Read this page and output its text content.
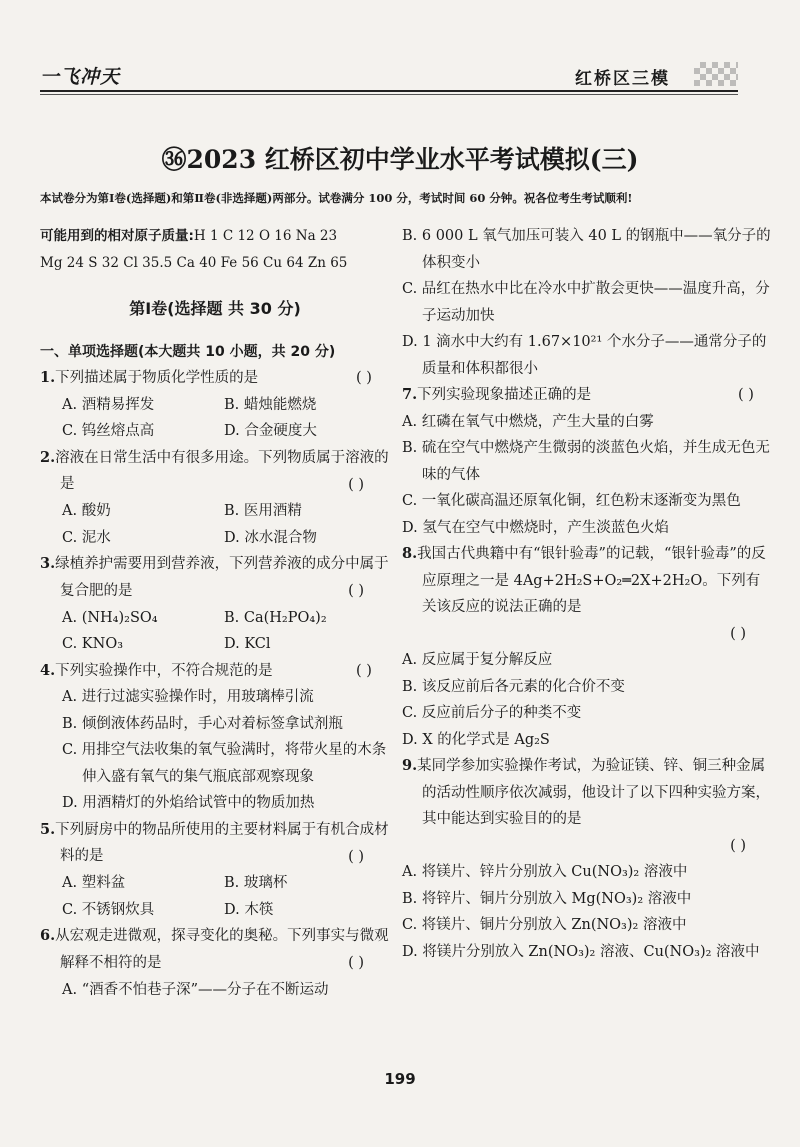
一飞冲天	红桥区三模
㊱2023 红桥区初中学业水平考试模拟(三)
本试卷分为第Ⅰ卷(选择题)和第Ⅱ卷(非选择题)两部分。试卷满分 100 分，考试时间 60 分钟。祝各位考生考试顺利!
可能用到的相对原子质量:H 1 C 12 O 16 Na 23
Mg 24 S 32 Cl 35.5 Ca 40 Fe 56 Cu 64 Zn 65
第Ⅰ卷(选择题 共 30 分)
一、单项选择题(本大题共 10 小题，共 20 分)
1.下列描述属于物质化学性质的是	( )
A. 酒精易挥发	B. 蜡烛能燃烧
C. 钨丝熔点高	D. 合金硬度大
2.溶液在日常生活中有很多用途。下列物质属于溶液的是	( )
A. 酸奶	B. 医用酒精
C. 泥水	D. 冰水混合物
3.绿植养护需要用到营养液，下列营养液的成分中属于复合肥的是	( )
A. (NH₄)₂SO₄	B. Ca(H₂PO₄)₂
C. KNO₃	D. KCl
4.下列实验操作中，不符合规范的是	( )
A. 进行过滤实验操作时，用玻璃棒引流
B. 倾倒液体药品时，手心对着标签拿试剂瓶
C. 用排空气法收集的氧气验满时，将带火星的木条伸入盛有氧气的集气瓶底部观察现象
D. 用酒精灯的外焰给试管中的物质加热
5.下列厨房中的物品所使用的主要材料属于有机合成材料的是	( )
A. 塑料盆	B. 玻璃杯
C. 不锈钢炊具	D. 木筷
6.从宏观走进微观，探寻变化的奥秘。下列事实与微观解释不相符的是	( )
A. “酒香不怕巷子深”——分子在不断运动
B. 6 000 L 氧气加压可装入 40 L 的钢瓶中——氧分子的体积变小
C. 品红在热水中比在冷水中扩散会更快——温度升高，分子运动加快
D. 1 滴水中大约有 1.67×10²¹ 个水分子——通常分子的质量和体积都很小
7.下列实验现象描述正确的是	( )
A. 红磷在氧气中燃烧，产生大量的白雾
B. 硫在空气中燃烧产生微弱的淡蓝色火焰，并生成无色无味的气体
C. 一氧化碳高温还原氧化铜，红色粉末逐渐变为黑色
D. 氢气在空气中燃烧时，产生淡蓝色火焰
8.我国古代典籍中有“银针验毒”的记载，“银针验毒”的反应原理之一是 4Ag+2H₂S+O₂═2X+2H₂O。下列有关该反应的说法正确的是
( )
A. 反应属于复分解反应
B. 该反应前后各元素的化合价不变
C. 反应前后分子的种类不变
D. X 的化学式是 Ag₂S
9.某同学参加实验操作考试，为验证镁、锌、铜三种金属的活动性顺序依次减弱，他设计了以下四种实验方案，其中能达到实验目的的是
( )
A. 将镁片、锌片分别放入 Cu(NO₃)₂ 溶液中
B. 将锌片、铜片分别放入 Mg(NO₃)₂ 溶液中
C. 将镁片、铜片分别放入 Zn(NO₃)₂ 溶液中
D. 将镁片分别放入 Zn(NO₃)₂ 溶液、Cu(NO₃)₂ 溶液中
199
